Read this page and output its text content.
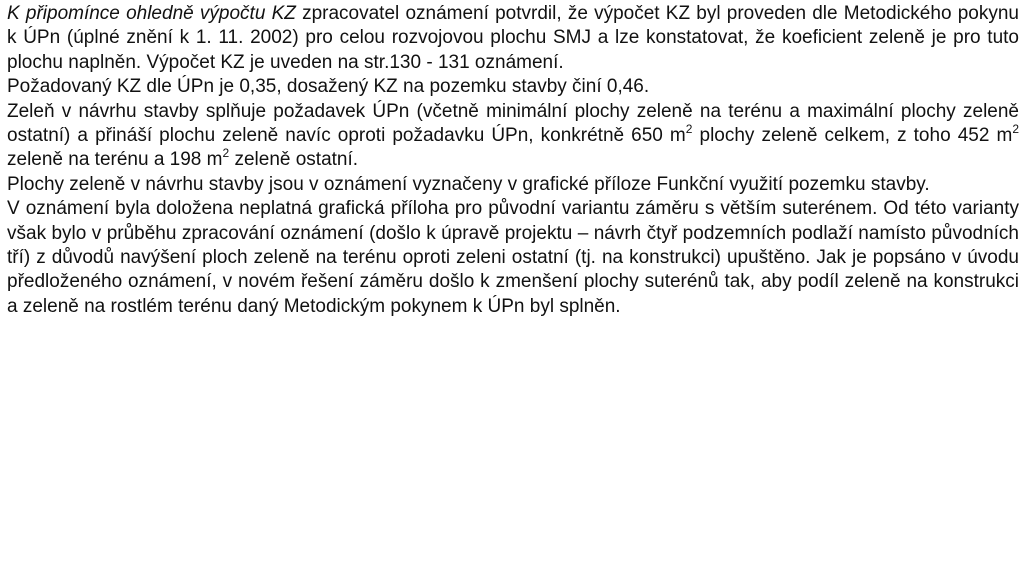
K připomínce ohledně výpočtu KZ zpracovatel oznámení potvrdil, že výpočet KZ byl proveden dle Metodického pokynu k ÚPn (úplné znění k 1. 11. 2002) pro celou rozvojovou plochu SMJ a lze konstatovat, že koeficient zeleně je pro tuto plochu naplněn. Výpočet KZ je uveden na str.130 - 131 oznámení.

Požadovaný KZ dle ÚPn je 0,35, dosažený KZ na pozemku stavby činí 0,46.

Zeleň v návrhu stavby splňuje požadavek ÚPn (včetně minimální plochy zeleně na terénu a maximální plochy zeleně ostatní) a přináší plochu zeleně navíc oproti požadavku ÚPn, konkrétně 650 $m^2$ plochy zeleně celkem, z toho 452 $m^2$ zeleně na terénu a 198 $m^2$ zeleně ostatní.

Plochy zeleně v návrhu stavby jsou v oznámení vyznačeny v grafické příloze Funkční využití pozemku stavby.

V oznámení byla doložena neplatná grafická příloha pro původní variantu záměru s větším suterénem. Od této varianty však bylo v průběhu zpracování oznámení (došlo k úpravě projektu – návrh čtyř podzemních podlaží namísto původních tří) z důvodů navýšení ploch zeleně na terénu oproti zeleni ostatní (tj. na konstrukci) upuštěno. Jak je popsáno v úvodu předloženého oznámení, v novém řešení záměru došlo k zmenšení plochy suterénů tak, aby podíl zeleně na konstrukci a zeleně na rostlém terénu daný Metodickým pokynem k ÚPn byl splněn.
